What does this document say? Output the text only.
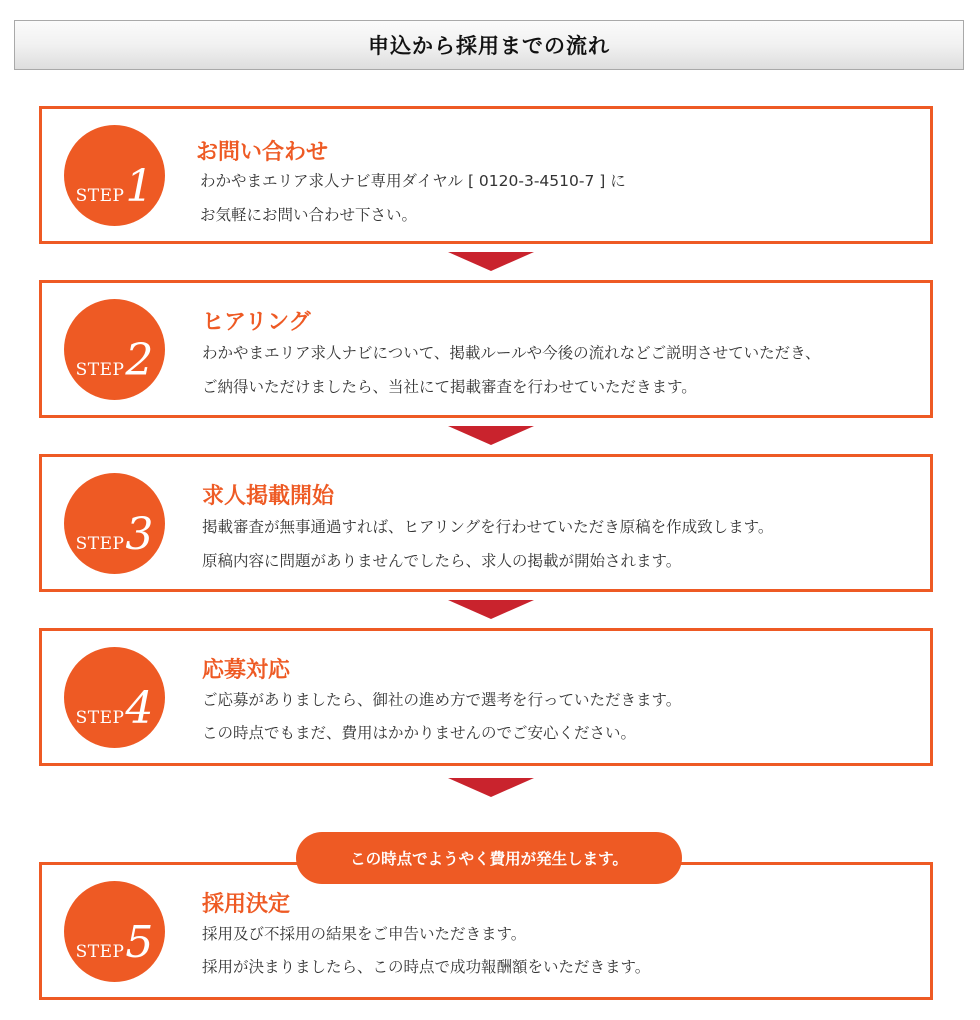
申込から採用までの流れ
STEP 1
お問い合わせ
わかやまエリア求人ナビ専用ダイヤル [ 0120-3-4510-7 ] に
お気軽にお問い合わせ下さい。
STEP 2
ヒアリング
わかやまエリア求人ナビについて、掲載ルールや今後の流れなどご説明させていただき、
ご納得いただけましたら、当社にて掲載審査を行わせていただきます。
STEP 3
求人掲載開始
掲載審査が無事通過すれば、ヒアリングを行わせていただき原稿を作成致します。
原稿内容に問題がありませんでしたら、求人の掲載が開始されます。
STEP 4
応募対応
ご応募がありましたら、御社の進め方で選考を行っていただきます。
この時点でもまだ、費用はかかりませんのでご安心ください。
この時点でようやく費用が発生します。
STEP 5
採用決定
採用及び不採用の結果をご申告いただきます。
採用が決まりましたら、この時点で成功報酬額をいただきます。
